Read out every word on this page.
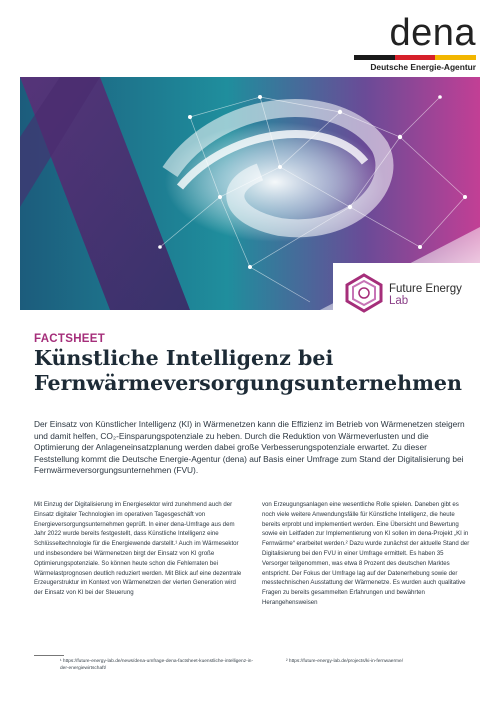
dena
Deutsche Energie-Agentur
Future Energy
Lab
FACTSHEET
Künstliche Intelligenz bei Fernwärmeversorgungsunternehmen

Der Einsatz von Künstlicher Intelligenz (KI) in Wärmenetzen kann die Effizienz im Betrieb von Wärmenetzen steigern und damit helfen, CO₂-Einsparungspotenziale zu heben. Durch die Reduktion von Wärmeverlusten und die Optimierung der Anlageneinsatzplanung werden dabei große Verbesserungspotenziale erwartet. Zu dieser Feststellung kommt die Deutsche Energie-Agentur (dena) auf Basis einer Umfrage zum Stand der Digitalisierung bei Fernwärmeversorgungsunternehmen (FVU).

Mit Einzug der Digitalisierung im Energiesektor wird zunehmend auch der Einsatz digitaler Technologien im operativen Tagesgeschäft von Energieversorgungsunternehmen geprüft. In einer dena-Umfrage aus dem Jahr 2022 wurde bereits festgestellt, dass Künstliche Intelligenz eine Schlüsseltechnologie für die Energiewende darstellt.¹ Auch im Wärmesektor und insbesondere bei Wärmenetzen birgt der Einsatz von KI große Optimierungspotenziale. So können heute schon die Fehlerraten bei Wärmelastprognosen deutlich reduziert werden. Mit Blick auf eine dezentrale Erzeugerstruktur im Kontext von Wärmenetzen der vierten Generation wird der Einsatz von KI bei der Steuerung

von Erzeugungsanlagen eine wesentliche Rolle spielen. Daneben gibt es noch viele weitere Anwendungsfälle für Künstliche Intelligenz, die heute bereits erprobt und implementiert werden. Eine Übersicht und Bewertung sowie ein Leitfaden zur Implementierung von KI sollen im dena-Projekt „KI in Fernwärme“ erarbeitet werden.² Dazu wurde zunächst der aktuelle Stand der Digitalisierung bei den FVU in einer Umfrage ermittelt. Es haben 35 Versorger teilgenommen, was etwa 8 Prozent des deutschen Marktes entspricht. Der Fokus der Umfrage lag auf der Datenerhebung sowie der messtechnischen Ausstattung der Wärmenetze. Es wurden auch qualitative Fragen zu bereits gesammelten Erfahrungen und bewährten Herangehensweisen

¹ https://future-energy-lab.de/news/dena-umfrage-dena-factsheet-kuenstliche-intelligenz-in-der-energiewirtschaft/

² https://future-energy-lab.de/projects/ki-in-fernwaerme/
